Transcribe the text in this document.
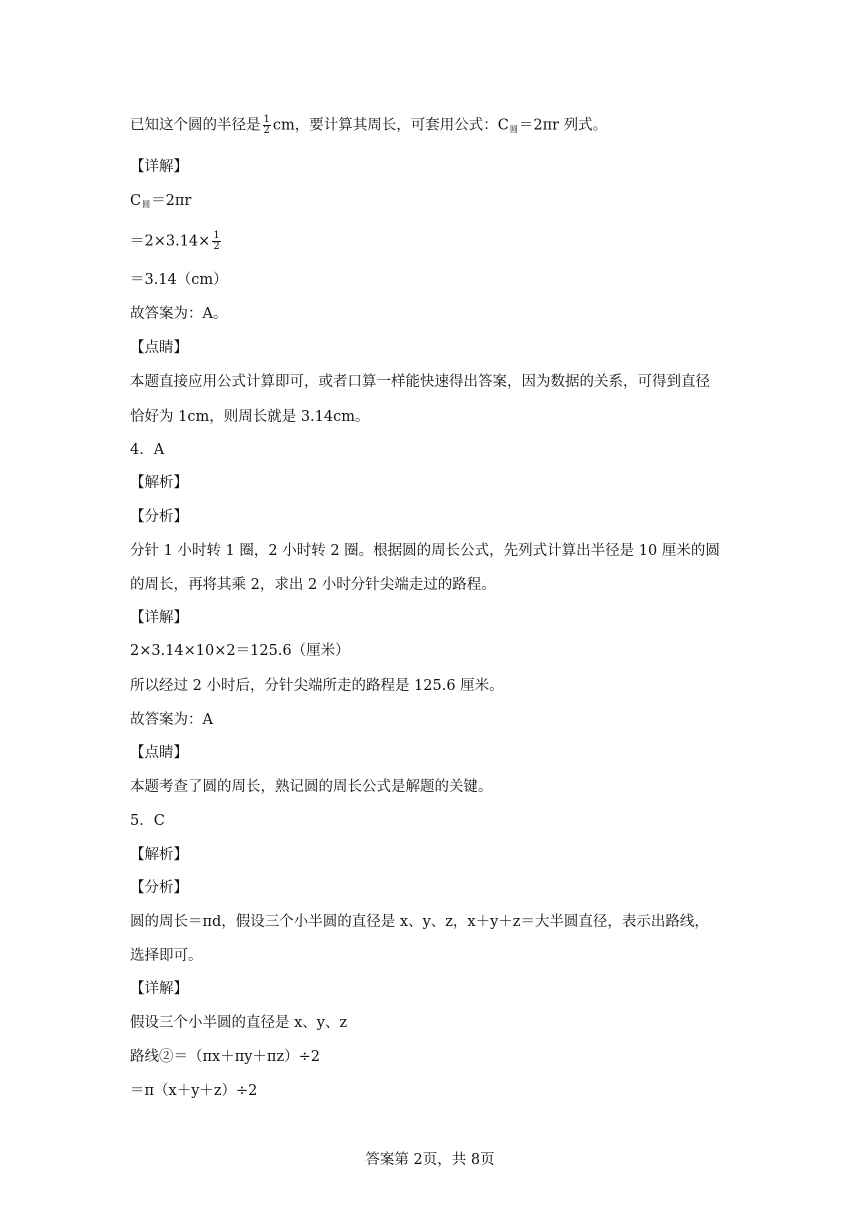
已知这个圆的半径是 $\frac{1}{2}$ cm，要计算其周长，可套用公式：$C_圆=2\pi r$ 列式。
【详解】
$C_圆=2\pi r$
$=2\times 3.14\times \frac{1}{2}$
＝3.14（cm）
故答案为：A。
【点睛】
本题直接应用公式计算即可，或者口算一样能快速得出答案，因为数据的关系，可得到直径
恰好为 1cm，则周长就是 3.14cm。
4．A
【解析】
【分析】
分针 1 小时转 1 圈，2 小时转 2 圈。根据圆的周长公式，先列式计算出半径是 10 厘米的圆
的周长，再将其乘 2，求出 2 小时分针尖端走过的路程。
【详解】
2×3.14×10×2＝125.6（厘米）
所以经过 2 小时后，分针尖端所走的路程是 125.6 厘米。
故答案为：A
【点睛】
本题考查了圆的周长，熟记圆的周长公式是解题的关键。
5．C
【解析】
【分析】
圆的周长＝πd，假设三个小半圆的直径是 x、y、z，x＋y＋z＝大半圆直径，表示出路线，
选择即可。
【详解】
假设三个小半圆的直径是 x、y、z
路线②＝（πx＋πy＋πz）÷2
＝π（x＋y＋z）÷2
答案第 2页，共 8页
